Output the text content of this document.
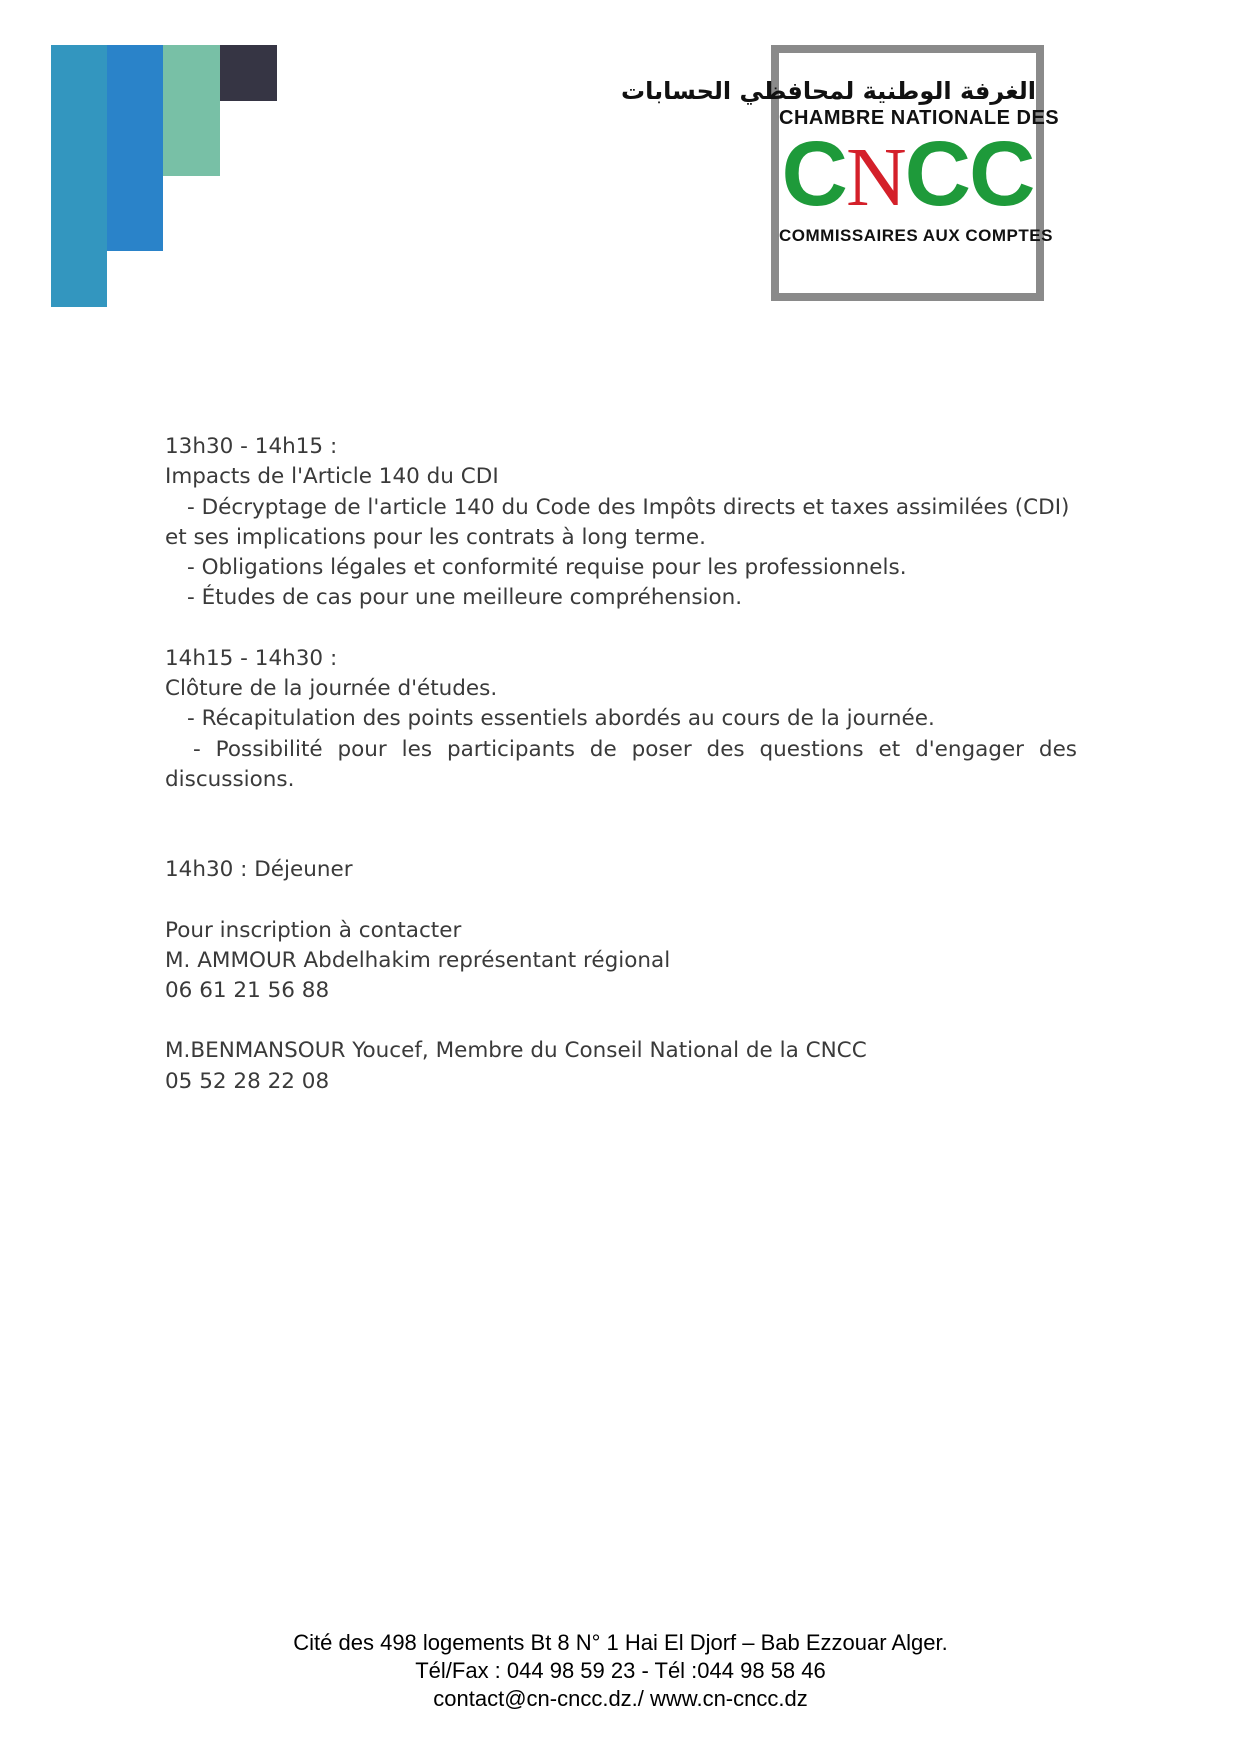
الغرفة الوطنية لمحافظي الحسابات
CHAMBRE NATIONALE DES
CNCC
COMMISSAIRES AUX COMPTES

13h30 - 14h15 :

Impacts de l'Article 140 du CDI

- Décryptage de l'article 140 du Code des Impôts directs et taxes assimilées (CDI) et ses implications pour les contrats à long terme.

- Obligations légales et conformité requise pour les professionnels.

- Études de cas pour une meilleure compréhension.

14h15 - 14h30 :

Clôture de la journée d'études.

- Récapitulation des points essentiels abordés au cours de la journée.

- Possibilité pour les participants de poser des questions et d'engager des discussions.

14h30 : Déjeuner

Pour inscription à contacter

M. AMMOUR Abdelhakim représentant régional

06 61 21 56 88

M.BENMANSOUR Youcef, Membre du Conseil National de la CNCC

05 52 28 22 08

Cité des 498 logements Bt 8 N° 1 Hai El Djorf – Bab Ezzouar Alger.

Tél/Fax : 044 98 59 23 - Tél :044 98 58 46

contact@cn-cncc.dz./ www.cn-cncc.dz
